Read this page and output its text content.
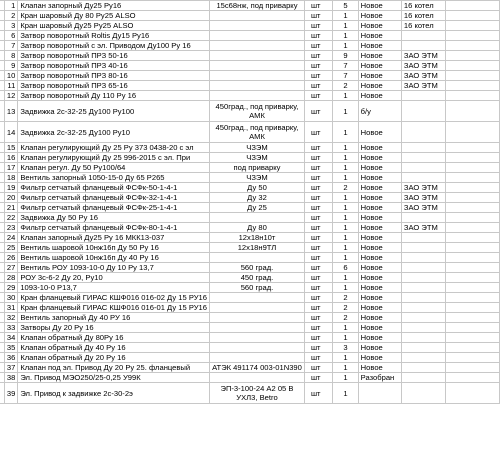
	1	Клапан запорный Ду25 Ру16	15с68нж, под приварку	шт	5	Новое	16 котел	
	2	Кран шаровый Ду 80 Ру25 ALSO		шт	1	Новое	16 котел	
	3	Кран шаровый Ду25 Ру25 ALSO		шт	1	Новое	16 котел	
	6	Затвор поворотный Roltis Ду15 Ру16		шт	1	Новое		
	7	Затвор поворотный с эл. Приводом Ду100 Ру 16		шт	1	Новое		
	8	Затвор поворотный ПРЗ 50-16		шт	9	Новое	ЗАО ЭТМ	
	9	Затвор поворотный ПРЗ 40-16		шт	7	Новое	ЗАО ЭТМ	
	10	Затвор поворотный ПРЗ 80-16		шт	7	Новое	ЗАО ЭТМ	
	11	Затвор поворотный ПРЗ 65-16		шт	2	Новое	ЗАО ЭТМ	
	12	Затвор поворотный Ду 110 Ру 16		шт	1	Новое		
	13	Задвижка 2с-32-25 Ду100 Ру100	450град., под приварку, АМК	шт	1	б/у		
	14	Задвижка 2с-32-25 Ду100 Ру10	450град., под приварку, АМК	шт	1	Новое		
	15	Клапан регулирующий Ду 25 Ру 373 0438-20 с эл	ЧЗЭМ	шт	1	Новое		
	16	Клапан регулирующий Ду 25 996-2015 с эл. При	ЧЗЭМ	шт	1	Новое		
	17	Клапан регул. Ду 50 Ру100/64	под приварку	шт	1	Новое		
	18	Вентиль запорный 1050-15-0 Ду 65 Р265	ЧЗЭМ	шт	1	Новое		
	19	Фильтр сетчатый фланцевый ФСФк-50-1-4-1	Ду 50	шт	2	Новое	ЗАО ЭТМ	
	20	Фильтр сетчатый фланцевый ФСФк-32-1-4-1	Ду 32	шт	1	Новое	ЗАО ЭТМ	
	21	Фильтр сетчатый фланцевый ФСФк-25-1-4-1	Ду 25	шт	1	Новое	ЗАО ЭТМ	
	22	Задвижка Ду 50 Ру 16		шт	1	Новое		
	23	Фильтр сетчатый фланцевый ФСФк-80-1-4-1	Ду 80	шт	1	Новое	ЗАО ЭТМ	
	24	Клапан запорный Ду25 Ру 16 МКК13-037	12х18н10т	шт	1	Новое		
	25	Вентиль шаровой 10нж16п Ду 50 Ру 16	12х18н9ТЛ	шт	1	Новое		
	26	Вентиль шаровой 10нж16п Ду 40 Ру 16		шт	1	Новое		
	27	Вентиль РОУ 1093-10-0 Ду 10 Ру 13,7	560 град.	шт	6	Новое		
	28	РОУ 3с-6-2 Ду 20, Ру10	450 град.	шт	1	Новое		
	29	1093-10-0 Р13,7	560 град.	шт	1	Новое		
	30	Кран фланцевый ГИРАС КШФ016 016-02 Ду 15 РУ16		шт	2	Новое		
	31	Кран фланцевый ГИРАС КШФ016 016-01 Ду 15 РУ16		шт	2	Новое		
	32	Вентиль запорный Ду 40 РУ 16		шт	2	Новое		
	33	Затворы Ду 20 Ру 16		шт	1	Новое		
	34	Клапан обратный Ду 80Ру 16		шт	1	Новое		
	35	Клапан обратный Ду 40 Ру 16		шт	3	Новое		
	36	Клапан обратный Ду 20 Ру 16		шт	1	Новое		
	37	Клапан под эл. Привод Ду 20 Ру 25. фланцевый	АТЭК 491174 003-01N390	шт	1	Новое		
	38	Эл. Привод МЭО250/25-0,25 У99К		шт	1	Разобран		
	39	Эл. Привод к задвижке 2с-30-2э	ЭП-3-100-24 А2 05 В УХЛ3, Betro	шт	1			
